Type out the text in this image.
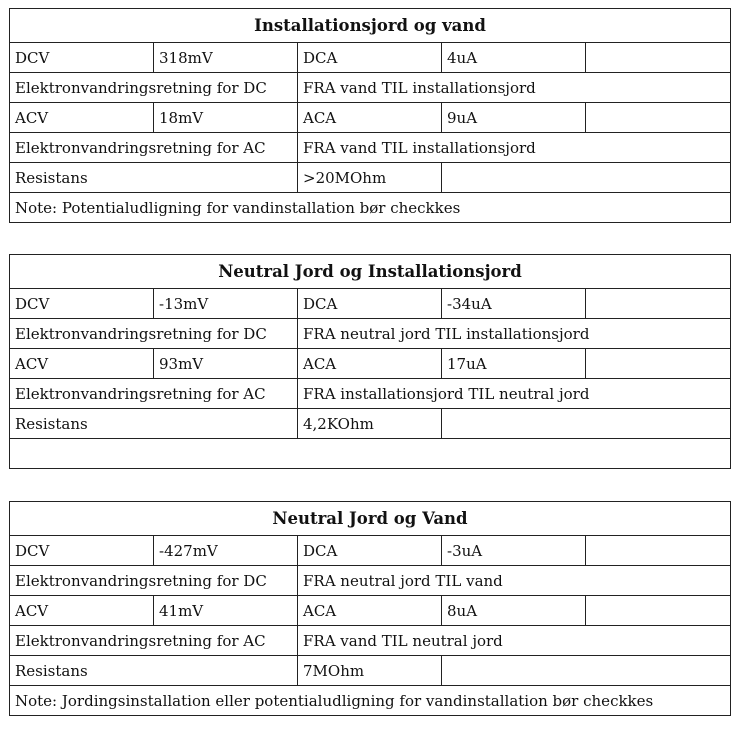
Installationsjord og vand				
DCV	318mV	DCA	4uA	
Elektronvandringsretning for DC		FRA vand TIL installationsjord		
ACV	18mV	ACA	9uA	
Elektronvandringsretning for AC		FRA vand TIL installationsjord		
Resistans		>20MOhm		
Note: Potentialudligning for vandinstallation bør checkkes				
Neutral Jord og Installationsjord				
DCV	-13mV	DCA	-34uA	
Elektronvandringsretning for DC		FRA neutral jord TIL installationsjord		
ACV	93mV	ACA	17uA	
Elektronvandringsretning for AC		FRA installationsjord TIL neutral jord		
Resistans		4,2KOhm		

Neutral Jord og Vand				
DCV	-427mV	DCA	-3uA	
Elektronvandringsretning for DC		FRA neutral jord TIL vand		
ACV	41mV	ACA	8uA	
Elektronvandringsretning for AC		FRA vand TIL neutral jord		
Resistans		7MOhm		
Note: Jordingsinstallation eller potentialudligning for vandinstallation bør checkkes				
